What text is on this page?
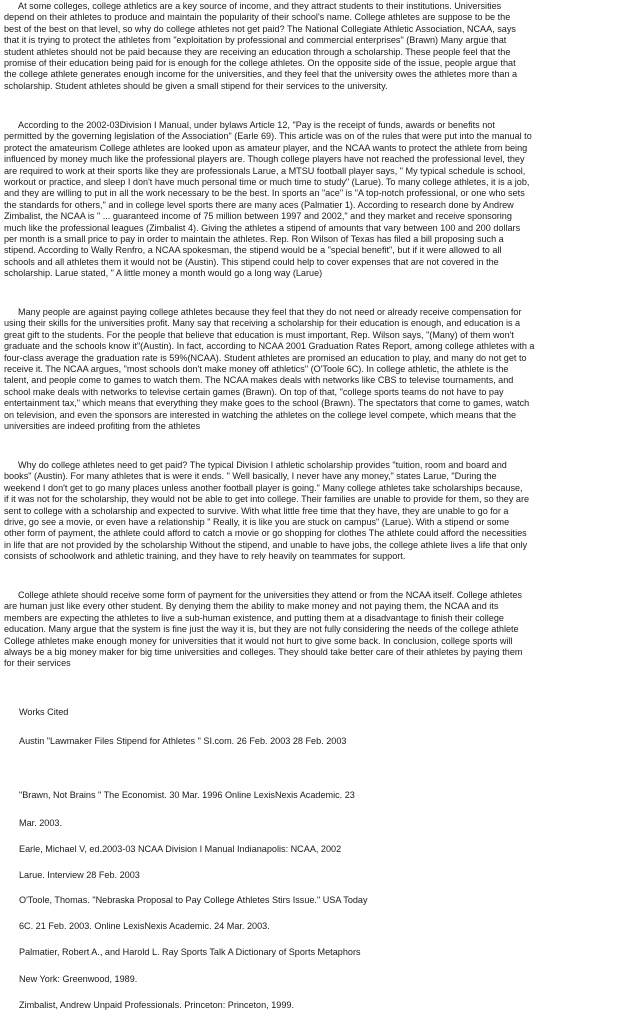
At some colleges, college athletics are a key source of income, and they attract students to their institutions. Universities
depend on their athletes to produce and maintain the popularity of their school's name. College athletes are suppose to be the
best of the best on that level, so why do college athletes not get paid? The National Collegiate Athletic Association, NCAA, says
that it is trying to protect the athletes from "exploitation by professional and commercial enterprises" (Brawn) Many argue that
student athletes should not be paid because they are receiving an education through a scholarship. These people feel that the
promise of their education being paid for is enough for the college athletes. On the opposite side of the issue, people argue that
the college athlete generates enough income for the universities, and they feel that the university owes the athletes more than a
scholarship. Student athletes should be given a small stipend for their services to the university.
According to the 2002-03Division I Manual, under bylaws Article 12, "Pay is the receipt of funds, awards or benefits not
permitted by the governing legislation of the Association" (Earle 69). This article was on of the rules that were put into the manual to
protect the amateurism College athletes are looked upon as amateur player, and the NCAA wants to protect the athlete from being
influenced by money much like the professional players are. Though college players have not reached the professional level, they
are required to work at their sports like they are professionals Larue, a MTSU football player says, " My typical schedule is school,
workout or practice, and sleep I don't have much personal time or much time to study" (Larue). To many college athletes, it is a job,
and they are willing to put in all the work necessary to be the best. In sports an "ace" is "A top-notch professional, or one who sets
the standards for others," and in college level sports there are many aces (Palmatier 1). According to research done by Andrew
Zimbalist, the NCAA is " ... guaranteed income of 75 million between 1997 and 2002," and they market and receive sponsoring
much like the professional leagues (Zimbalist 4). Giving the athletes a stipend of amounts that vary between 100 and 200 dollars
per month is a small price to pay in order to maintain the athletes. Rep. Ron Wilson of Texas has filed a bill proposing such a
stipend. According to Wally Renfro, a NCAA spokesman, the stipend would be a "special benefit", but if it were allowed to all
schools and all athletes them it would not be (Austin). This stipend could help to cover expenses that are not covered in the
scholarship. Larue stated, " A little money a month would go a long way (Larue)
Many people are against paying college athletes because they feel that they do not need or already receive compensation for
using their skills for the universities profit. Many say that receiving a scholarship for their education is enough, and education is a
great gift to the students. For the people that believe that education is must important, Rep. Wilson says, "(Many) of them won't
graduate and the schools know it"(Austin). In fact, according to NCAA 2001 Graduation Rates Report, among college athletes with a
four-class average the graduation rate is 59%(NCAA). Student athletes are promised an education to play, and many do not get to
receive it. The NCAA argues, "most schools don't make money off athletics" (O'Toole 6C). In college athletic, the athlete is the
talent, and people come to games to watch them. The NCAA makes deals with networks like CBS to televise tournaments, and
school make deals with networks to televise certain games (Brawn). On top of that, "college sports teams do not have to pay
entertainment tax," which means that everything they make goes to the school (Brawn). The spectators that come to games, watch
on television, and even the sponsors are interested in watching the athletes on the college level compete, which means that the
universities are indeed profiting from the athletes
Why do college athletes need to get paid? The typical Division I athletic scholarship provides "tuition, room and board and
books" (Austin). For many athletes that is were it ends. " Well basically, I never have any money," states Larue, "During the
weekend I don't get to go many places unless another football player is going." Many college athletes take scholarships because,
if it was not for the scholarship, they would not be able to get into college. Their families are unable to provide for them, so they are
sent to college with a scholarship and expected to survive. With what little free time that they have, they are unable to go for a
drive, go see a movie, or even have a relationship " Really, it is like you are stuck on campus" (Larue). With a stipend or some
other form of payment, the athlete could afford to catch a movie or go shopping for clothes The athlete could afford the necessities
in life that are not provided by the scholarship Without the stipend, and unable to have jobs, the college athlete lives a life that only
consists of schoolwork and athletic training, and they have to rely heavily on teammates for support.
College athlete should receive some form of payment for the universities they attend or from the NCAA itself. College athletes
are human just like every other student. By denying them the ability to make money and not paying them, the NCAA and its
members are expecting the athletes to live a sub-human existence, and putting them at a disadvantage to finish their college
education. Many argue that the system is fine just the way it is, but they are not fully considering the needs of the college athlete
College athletes make enough money for universities that it would not hurt to give some back. In conclusion, college sports will
always be a big money maker for big time universities and colleges. They should take better care of their athletes by paying them
for their services
Works Cited
Austin "Lawmaker Files Stipend for Athletes " SI.com. 26 Feb. 2003 28 Feb. 2003
"Brawn, Not Brains " The Economist. 30 Mar. 1996 Online LexisNexis Academic. 23
Mar. 2003.
Earle, Michael V, ed.2003-03 NCAA Division I Manual Indianapolis: NCAA, 2002
Larue. Interview 28 Feb. 2003
O'Toole, Thomas. "Nebraska Proposal to Pay College Athletes Stirs Issue." USA Today
6C. 21 Feb. 2003. Online LexisNexis Academic. 24 Mar. 2003.
Palmatier, Robert A., and Harold L. Ray Sports Talk A Dictionary of Sports Metaphors
New York: Greenwood, 1989.
Zimbalist, Andrew Unpaid Professionals. Princeton: Princeton, 1999.
